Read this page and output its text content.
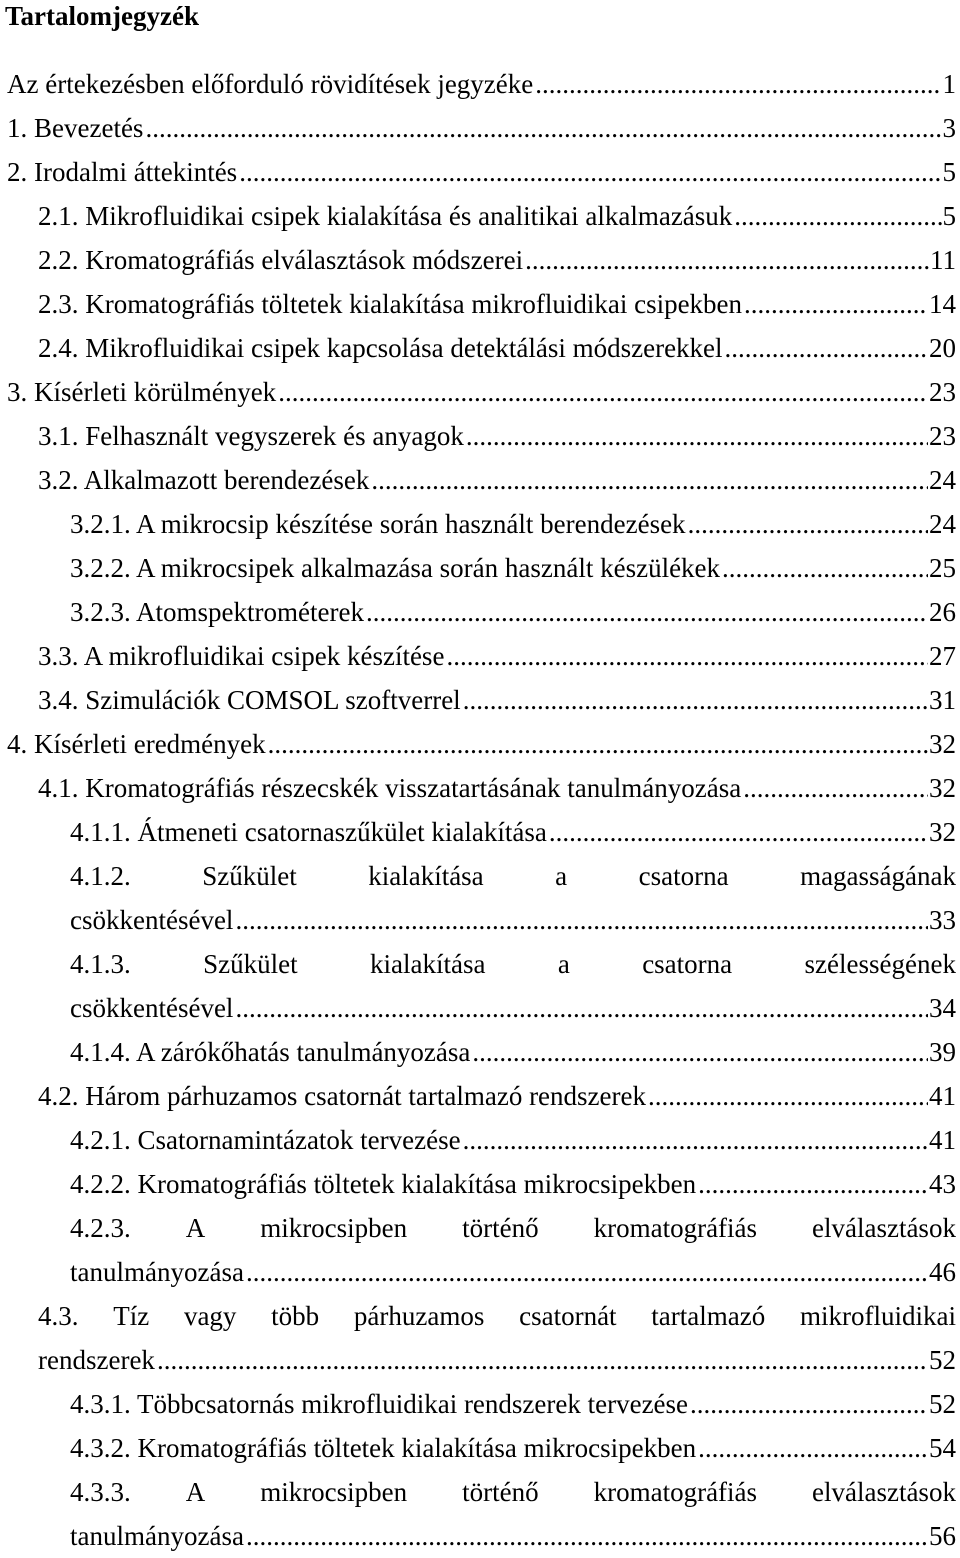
Tartalomjegyzék
Az értekezésben előforduló rövidítések jegyzéke .....	1
1. Bevezetés .....	3
2. Irodalmi áttekintés .....	5
2.1. Mikrofluidikai csipek kialakítása és analitikai alkalmazásuk .....	5
2.2. Kromatográfiás elválasztások módszerei .....	11
2.3. Kromatográfiás töltetek kialakítása mikrofluidikai csipekben .....	14
2.4. Mikrofluidikai csipek kapcsolása detektálási módszerekkel .....	20
3. Kísérleti körülmények .....	23
3.1. Felhasznált vegyszerek és anyagok .....	23
3.2. Alkalmazott berendezések .....	24
3.2.1. A mikrocsip készítése során használt berendezések .....	24
3.2.2. A mikrocsipek alkalmazása során használt készülékek .....	25
3.2.3. Atomspektrométerek .....	26
3.3. A mikrofluidikai csipek készítése .....	27
3.4. Szimulációk COMSOL szoftverrel .....	31
4. Kísérleti eredmények .....	32
4.1. Kromatográfiás részecskék visszatartásának tanulmányozása .....	32
4.1.1. Átmeneti csatornaszűkület kialakítása .....	32
4.1.2.	Szűkület	kialakítása	a	csatorna	magasságának
csökkentésével .....	33
4.1.3.	Szűkület	kialakítása	a	csatorna	szélességének
csökkentésével .....	34
4.1.4. A zárókőhatás tanulmányozása .....	39
4.2. Három párhuzamos csatornát tartalmazó rendszerek .....	41
4.2.1. Csatornamintázatok tervezése .....	41
4.2.2. Kromatográfiás töltetek kialakítása mikrocsipekben .....	43
4.2.3. A mikrocsipben történő kromatográfiás elválasztások
tanulmányozása .....	46
4.3. Tíz vagy több párhuzamos csatornát tartalmazó mikrofluidikai
rendszerek .....	52
4.3.1. Többcsatornás mikrofluidikai rendszerek tervezése .....	52
4.3.2. Kromatográfiás töltetek kialakítása mikrocsipekben .....	54
4.3.3. A mikrocsipben történő kromatográfiás elválasztások
tanulmányozása .....	56
